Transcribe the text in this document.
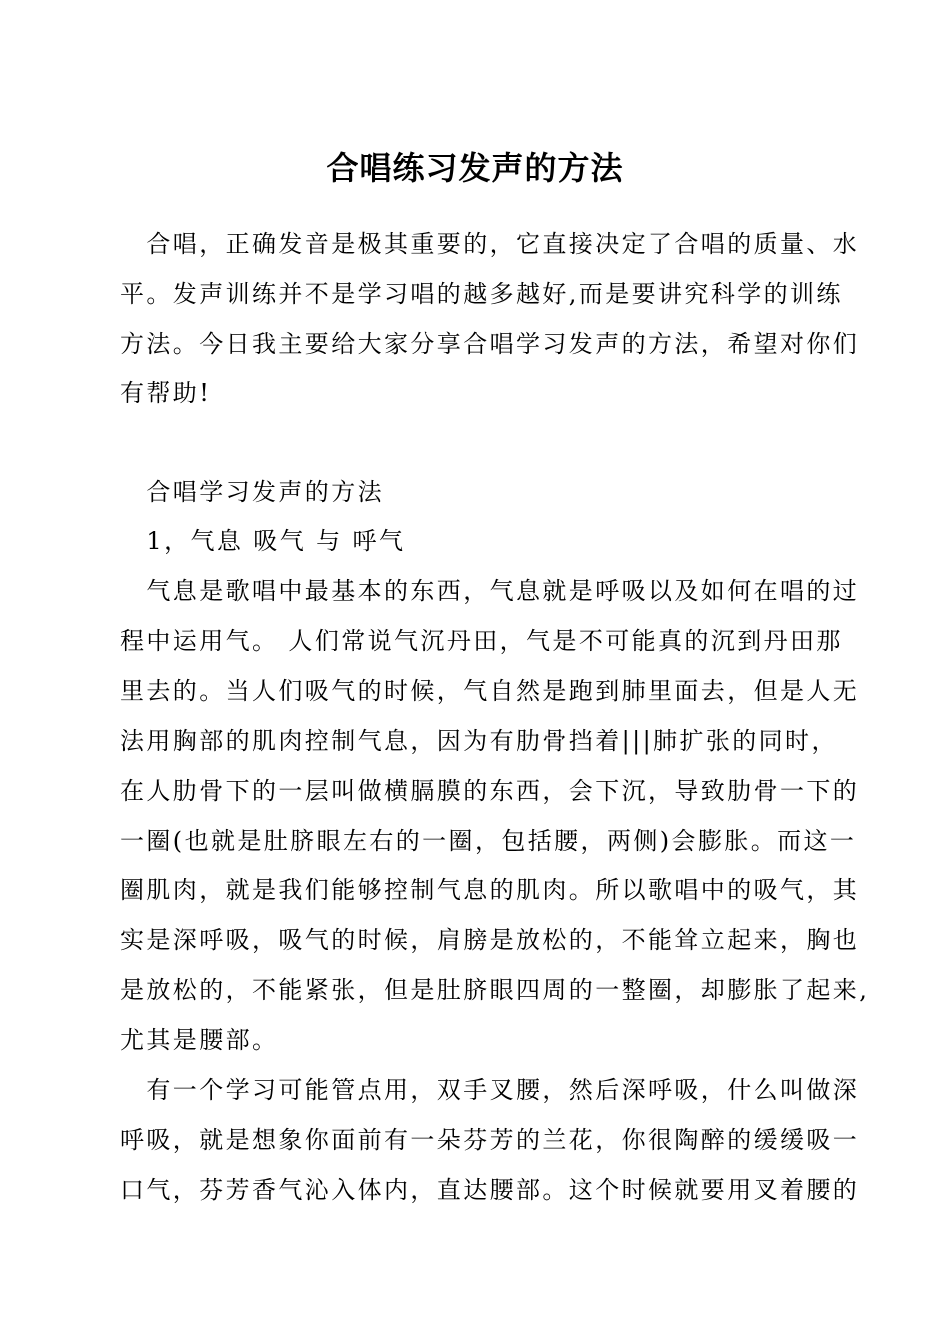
合唱练习发声的方法
　合唱，正确发音是极其重要的，它直接决定了合唱的质量、水
平。发声训练并不是学习唱的越多越好,而是要讲究科学的训练
方法。今日我主要给大家分享合唱学习发声的方法，希望对你们
有帮助!
　合唱学习发声的方法
　1，气息 吸气 与 呼气
　气息是歌唱中最基本的东西，气息就是呼吸以及如何在唱的过
程中运用气。 人们常说气沉丹田，气是不可能真的沉到丹田那
里去的。当人们吸气的时候，气自然是跑到肺里面去，但是人无
法用胸部的肌肉控制气息，因为有肋骨挡着|||肺扩张的同时，
在人肋骨下的一层叫做横膈膜的东西，会下沉，导致肋骨一下的
一圈(也就是肚脐眼左右的一圈，包括腰，两侧)会膨胀。而这一
圈肌肉，就是我们能够控制气息的肌肉。所以歌唱中的吸气，其
实是深呼吸，吸气的时候，肩膀是放松的，不能耸立起来，胸也
是放松的，不能紧张，但是肚脐眼四周的一整圈，却膨胀了起来,
尤其是腰部。
　有一个学习可能管点用，双手叉腰，然后深呼吸，什么叫做深
呼吸，就是想象你面前有一朵芬芳的兰花，你很陶醉的缓缓吸一
口气，芬芳香气沁入体内，直达腰部。这个时候就要用叉着腰的
